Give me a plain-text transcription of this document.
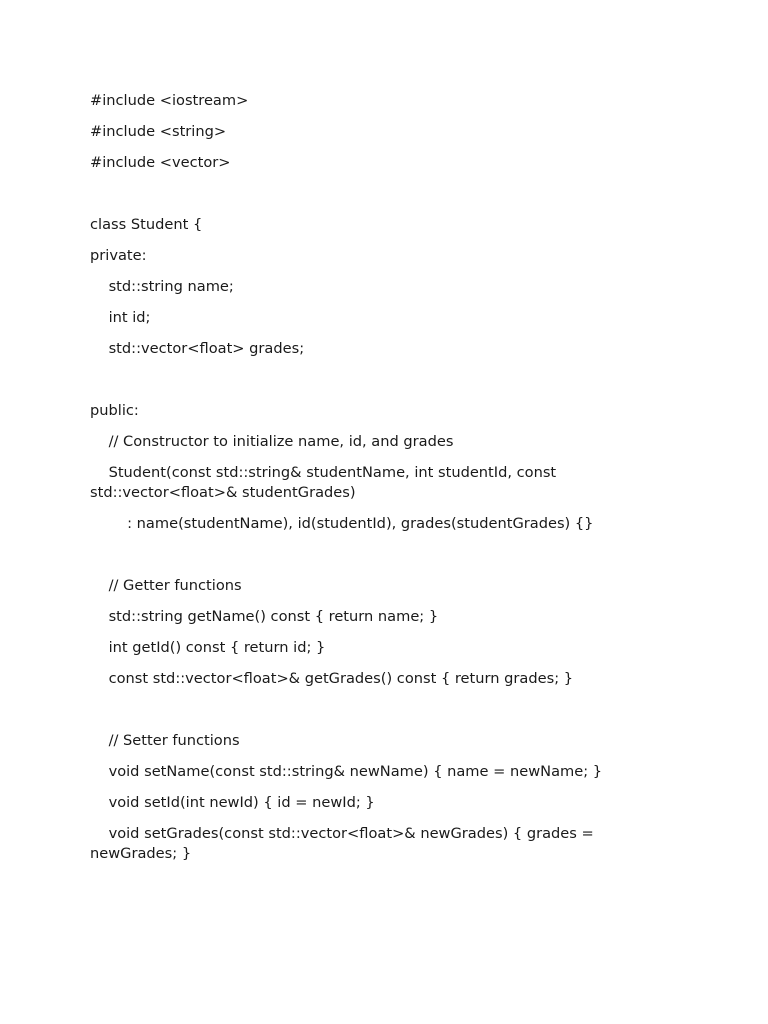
#include <iostream>
#include <string>
#include <vector>
class Student {
private:
std::string name;
int id;
std::vector<float> grades;
public:
// Constructor to initialize name, id, and grades
Student(const std::string& studentName, int studentId, const std::vector<float>& studentGrades)
: name(studentName), id(studentId), grades(studentGrades) {}
// Getter functions
std::string getName() const { return name; }
int getId() const { return id; }
const std::vector<float>& getGrades() const { return grades; }
// Setter functions
void setName(const std::string& newName) { name = newName; }
void setId(int newId) { id = newId; }
void setGrades(const std::vector<float>& newGrades) { grades = newGrades; }
